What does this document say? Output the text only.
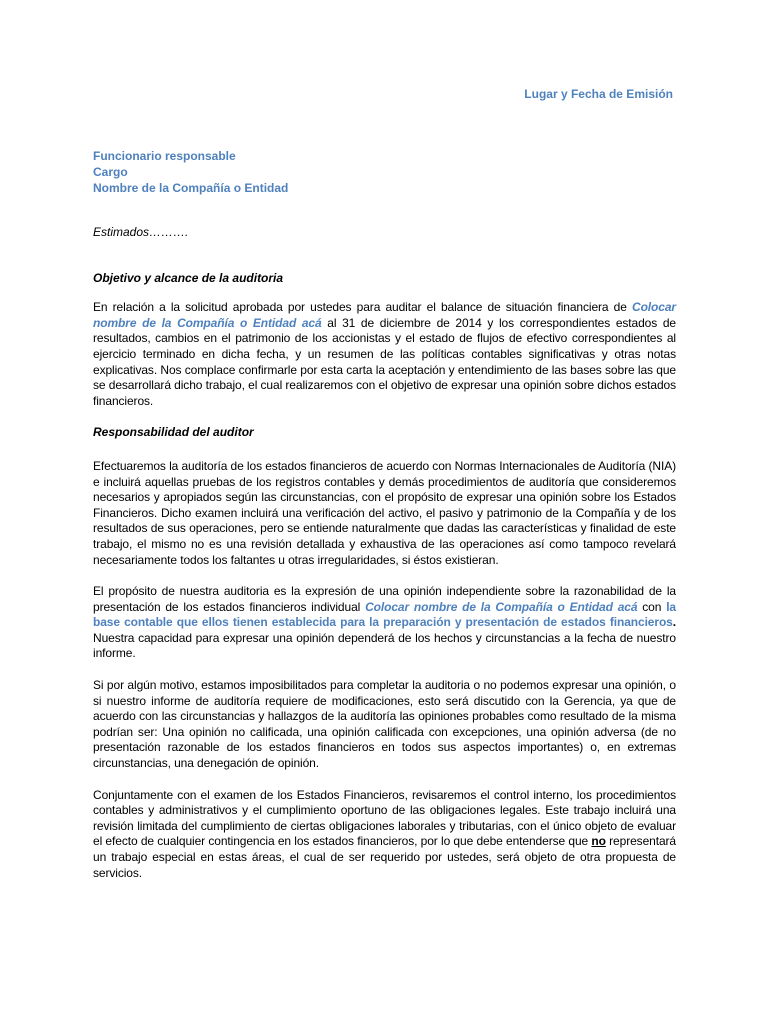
Lugar y Fecha de Emisión
Funcionario responsable
Cargo
Nombre de la Compañía o Entidad
Estimados……….
Objetivo y alcance de la auditoria

En relación a la solicitud aprobada por ustedes para auditar el balance de situación financiera de Colocar nombre de la Compañía o Entidad acá al 31 de diciembre de 2014 y los correspondientes estados de resultados, cambios en el patrimonio de los accionistas y el estado de flujos de efectivo correspondientes al ejercicio terminado en dicha fecha, y un resumen de las políticas contables significativas y otras notas explicativas. Nos complace confirmarle por esta carta la aceptación y entendimiento de las bases sobre las que se desarrollará dicho trabajo, el cual realizaremos con el objetivo de expresar una opinión sobre dichos estados financieros.

Responsabilidad del auditor

Efectuaremos la auditoría de los estados financieros de acuerdo con Normas Internacionales de Auditoría (NIA) e incluirá aquellas pruebas de los registros contables y demás procedimientos de auditoría que consideremos necesarios y apropiados según las circunstancias, con el propósito de expresar una opinión sobre los Estados Financieros. Dicho examen incluirá una verificación del activo, el pasivo y patrimonio de la Compañía y de los resultados de sus operaciones, pero se entiende naturalmente que dadas las características y finalidad de este trabajo, el mismo no es una revisión detallada y exhaustiva de las operaciones así como tampoco revelará necesariamente todos los faltantes u otras irregularidades, si éstos existieran.

El propósito de nuestra auditoria es la expresión de una opinión independiente sobre la razonabilidad de la presentación de los estados financieros individual Colocar nombre de la Compañía o Entidad acá con la base contable que ellos tienen establecida para la preparación y presentación de estados financieros. Nuestra capacidad para expresar una opinión dependerá de los hechos y circunstancias a la fecha de nuestro informe.

Si por algún motivo, estamos imposibilitados para completar la auditoria o no podemos expresar una opinión, o si nuestro informe de auditoría requiere de modificaciones, esto será discutido con la Gerencia, ya que de acuerdo con las circunstancias y hallazgos de la auditoría las opiniones probables como resultado de la misma podrían ser: Una opinión no calificada, una opinión calificada con excepciones, una opinión adversa (de no presentación razonable de los estados financieros en todos sus aspectos importantes) o, en extremas circunstancias, una denegación de opinión.

Conjuntamente con el examen de los Estados Financieros, revisaremos el control interno, los procedimientos contables y administrativos y el cumplimiento oportuno de las obligaciones legales. Este trabajo incluirá una revisión limitada del cumplimiento de ciertas obligaciones laborales y tributarias, con el único objeto de evaluar el efecto de cualquier contingencia en los estados financieros, por lo que debe entenderse que no representará un trabajo especial en estas áreas, el cual de ser requerido por ustedes, será objeto de otra propuesta de servicios.
